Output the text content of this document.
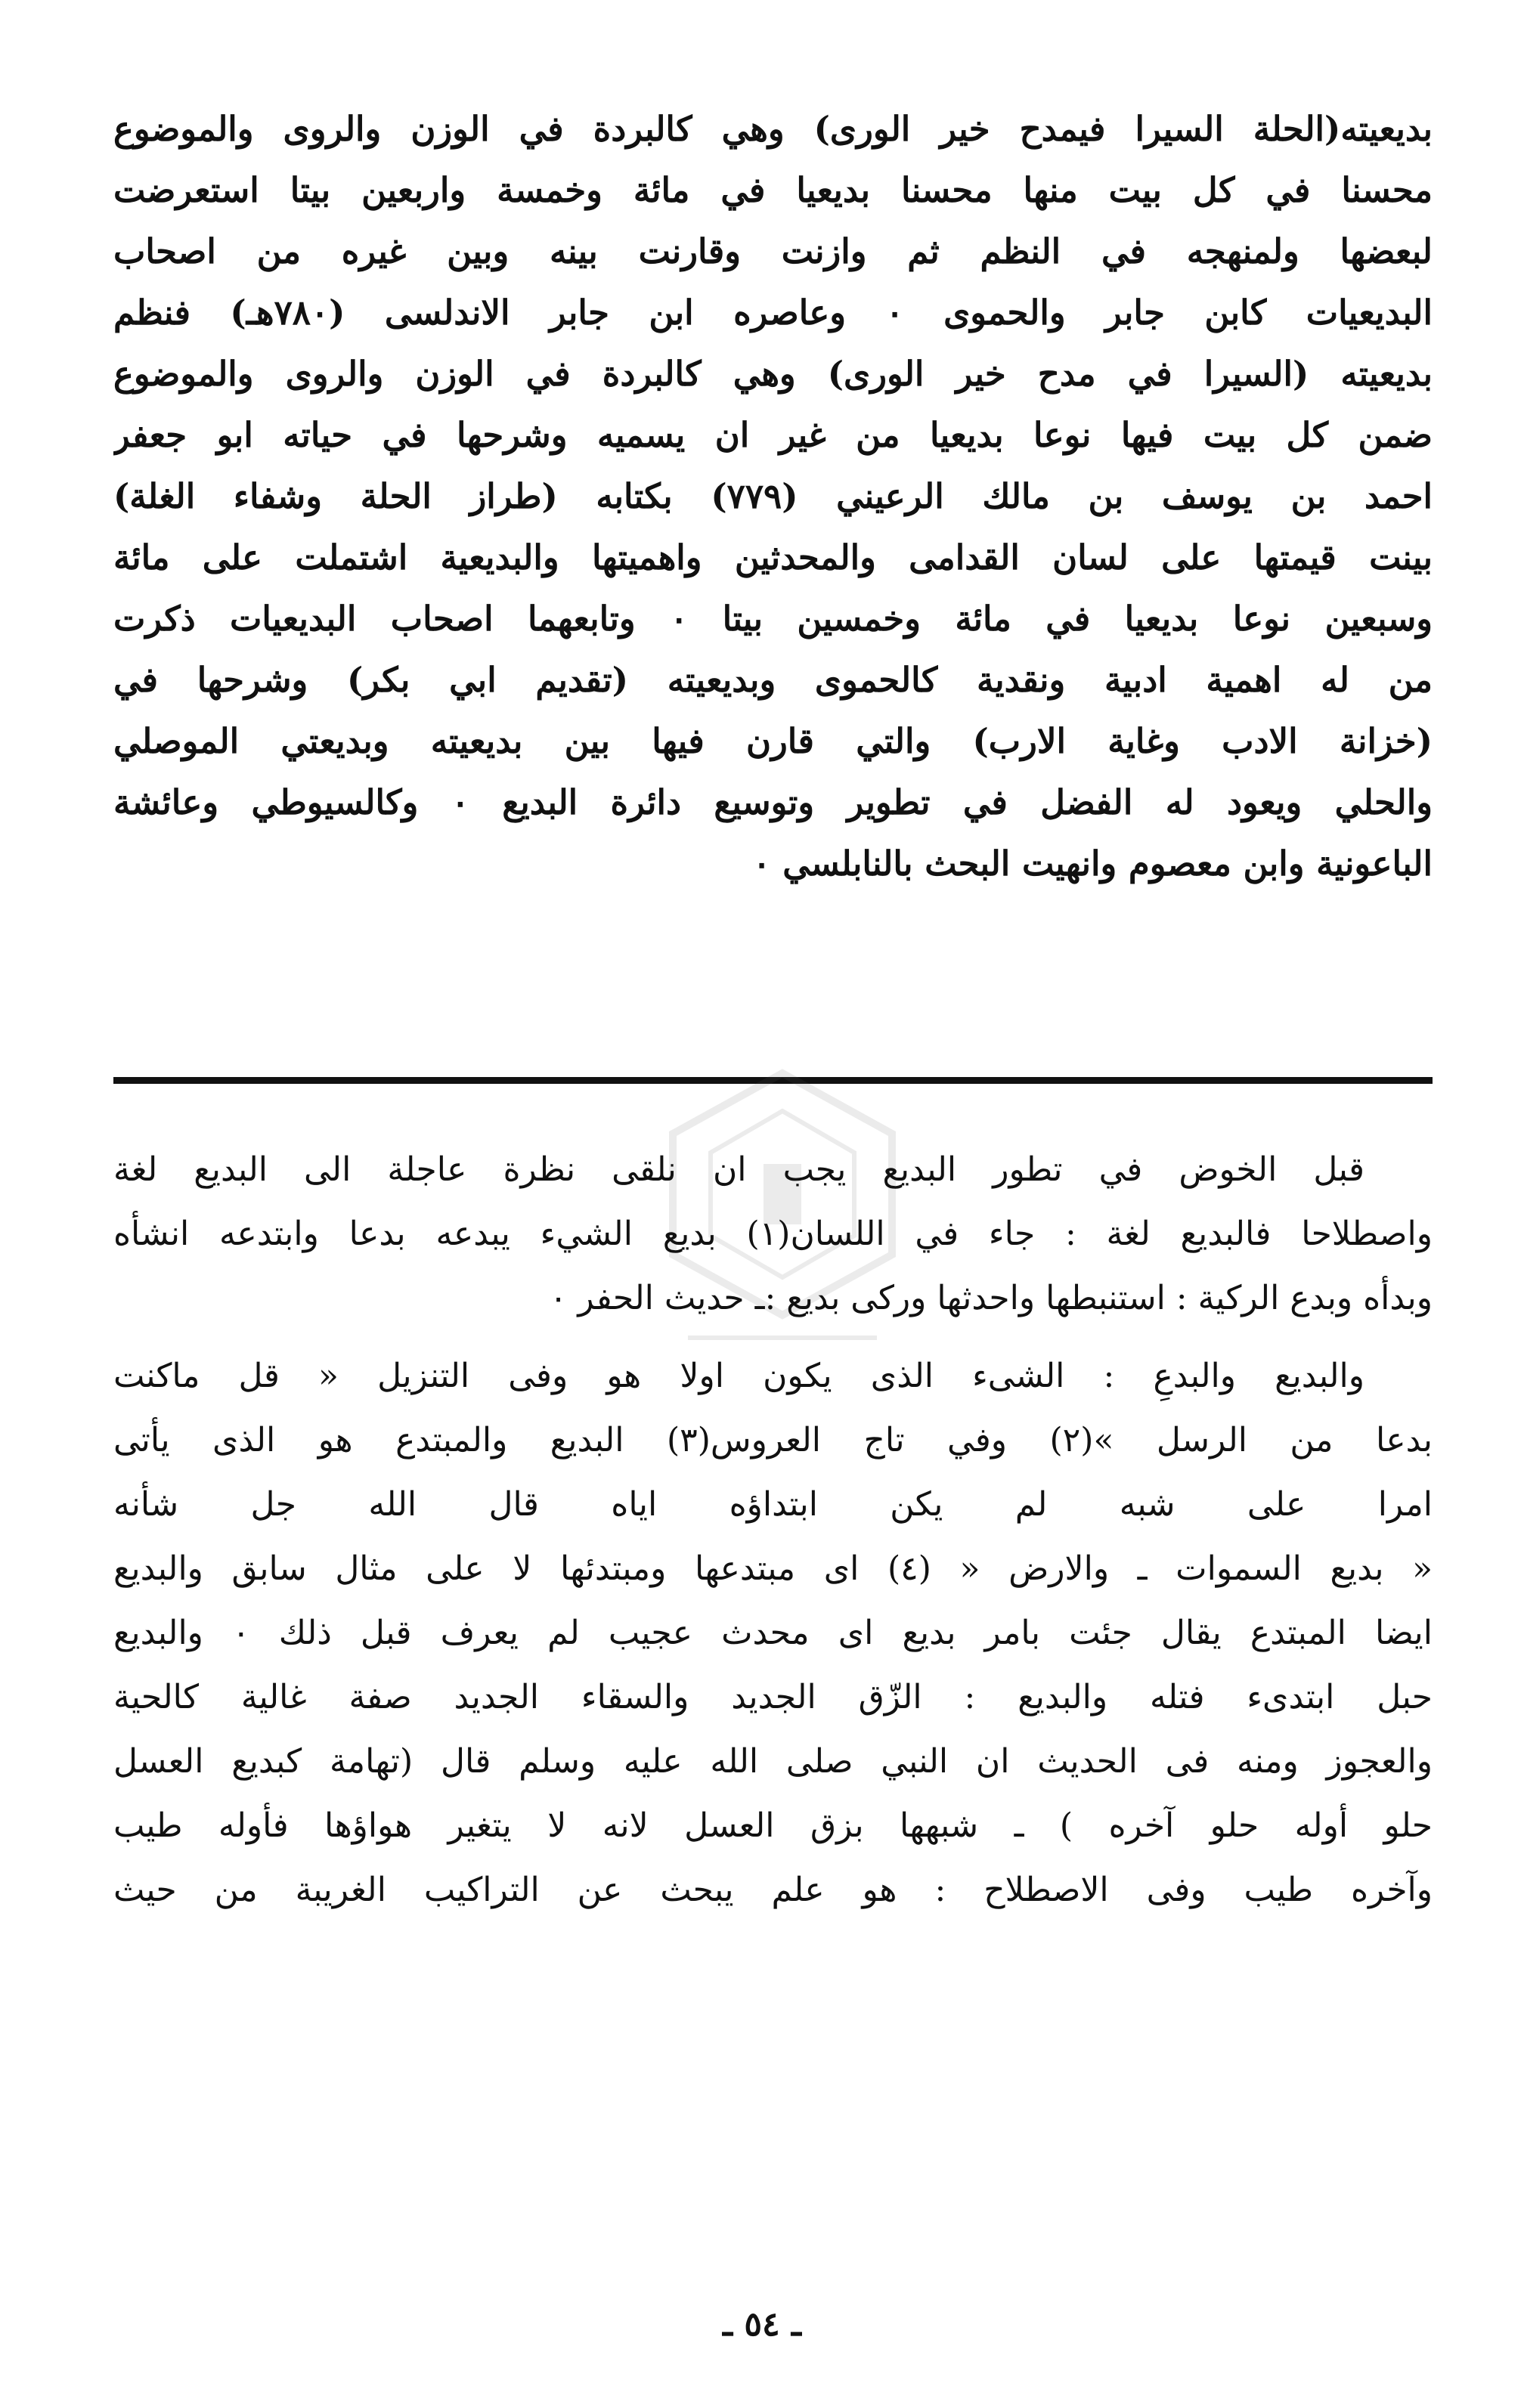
بديعيته(الحلة السيرا فيمدح خير الورى) وهي كالبردة في الوزن والروى والموضوع
محسنا في كل بيت منها محسنا بديعيا في مائة وخمسة واربعين بيتا استعرضت
لبعضها ولمنهجه في النظم ثم وازنت وقارنت بينه وبين غيره من اصحاب
البديعيات كابن جابر والحموى ٠ وعاصره ابن جابر الاندلسى (٧٨٠هـ) فنظم
بديعيته (السيرا في مدح خير الورى) وهي كالبردة في الوزن والروى والموضوع
ضمن كل بيت فيها نوعا بديعيا من غير ان يسميه وشرحها في حياته ابو جعفر
احمد بن يوسف بن مالك الرعيني (٧٧٩) بكتابه (طراز الحلة وشفاء الغلة)
بينت قيمتها على لسان القدامى والمحدثين واهميتها والبديعية اشتملت على مائة
وسبعين نوعا بديعيا في مائة وخمسين بيتا ٠ وتابعهما اصحاب البديعيات ذكرت
من له اهمية ادبية ونقدية كالحموى وبديعيته (تقديم ابي بكر) وشرحها في
(خزانة الادب وغاية الارب) والتي قارن فيها بين بديعيته وبديعتي الموصلي
والحلي ويعود له الفضل في تطوير وتوسيع دائرة البديع ٠ وكالسيوطي وعائشة
الباعونية وابن معصوم وانهيت البحث بالنابلسي ٠
قبل الخوض في تطور البديع يجب ان نلقى نظرة عاجلة الى البديع لغة
واصطلاحا فالبديع لغة : جاء في اللسان(١) بديع الشيء يبدعه بدعا وابتدعه انشأه
وبدأه وبدع الركية : استنبطها واحدثها وركى بديع :ـ حديث الحفر ٠
والبديع والبدعِ : الشىء الذى يكون اولا هو وفى التنزيل « قل ماكنت
بدعا من الرسل »(٢) وفي تاج العروس(٣) البديع والمبتدع هو الذى يأتى
امرا على شبه لم يكن ابتداؤه اياه قال الله جل شأنه
« بديع السموات ـ والارض « (٤) اى مبتدعها ومبتدئها لا على مثال سابق والبديع
ايضا المبتدع يقال جئت بامر بديع اى محدث عجيب لم يعرف قبل ذلك ٠ والبديع
حبل ابتدىء فتله والبديع : الزّق الجديد والسقاء الجديد صفة غالية كالحية
والعجوز ومنه فى الحديث ان النبي صلى الله عليه وسلم قال (تهامة كبديع العسل
حلو أوله حلو آخره ) ـ شبهها بزق العسل لانه لا يتغير هواؤها فأوله طيب
وآخره طيب وفى الاصطلاح : هو علم يبحث عن التراكيب الغريبة من حيث
ـ ٥٤ ـ
